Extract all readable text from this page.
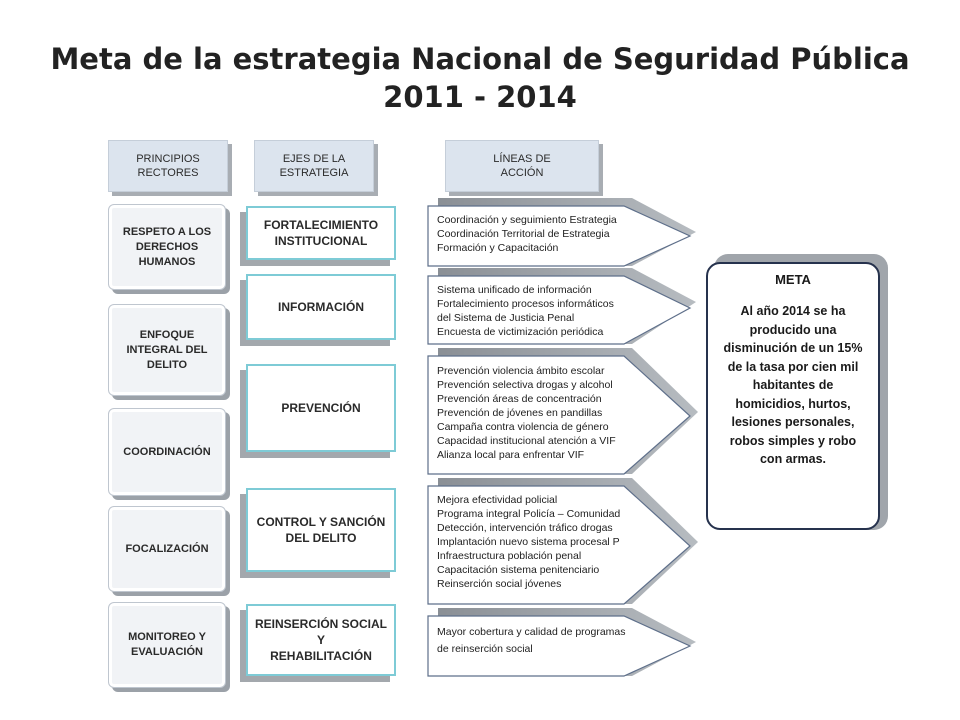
Meta de la estrategia Nacional de Seguridad Pública
2011 - 2014
PRINCIPIOS
RECTORES
EJES DE LA
ESTRATEGIA
LÍNEAS DE
ACCIÓN
RESPETO A LOS
DERECHOS
HUMANOS
ENFOQUE
INTEGRAL DEL
DELITO
COORDINACIÓN
FOCALIZACIÓN
MONITOREO Y
EVALUACIÓN
FORTALECIMIENTO
INSTITUCIONAL
INFORMACIÓN
PREVENCIÓN
CONTROL Y SANCIÓN
DEL DELITO
REINSERCIÓN SOCIAL Y
REHABILITACIÓN
Coordinación y seguimiento Estrategia
Coordinación Territorial de Estrategia
Formación y Capacitación
Sistema unificado de información
Fortalecimiento procesos informáticos
del Sistema de Justicia Penal
Encuesta de victimización periódica
Prevención violencia ámbito escolar
Prevención selectiva drogas y alcohol
Prevención áreas de concentración
Prevención de jóvenes en pandillas
Campaña contra violencia de género
Capacidad institucional atención a VIF
Alianza local para enfrentar VIF
Mejora efectividad policial
Programa integral Policía – Comunidad
Detección, intervención tráfico drogas
Implantación nuevo sistema procesal P
Infraestructura población penal
Capacitación sistema penitenciario
Reinserción social jóvenes
Mayor cobertura y calidad de programas
de reinserción social
META
Al año 2014 se ha
producido una
disminución de un 15%
de la tasa por cien mil
habitantes de
homicidios, hurtos,
lesiones personales,
robos simples y robo
con armas.
